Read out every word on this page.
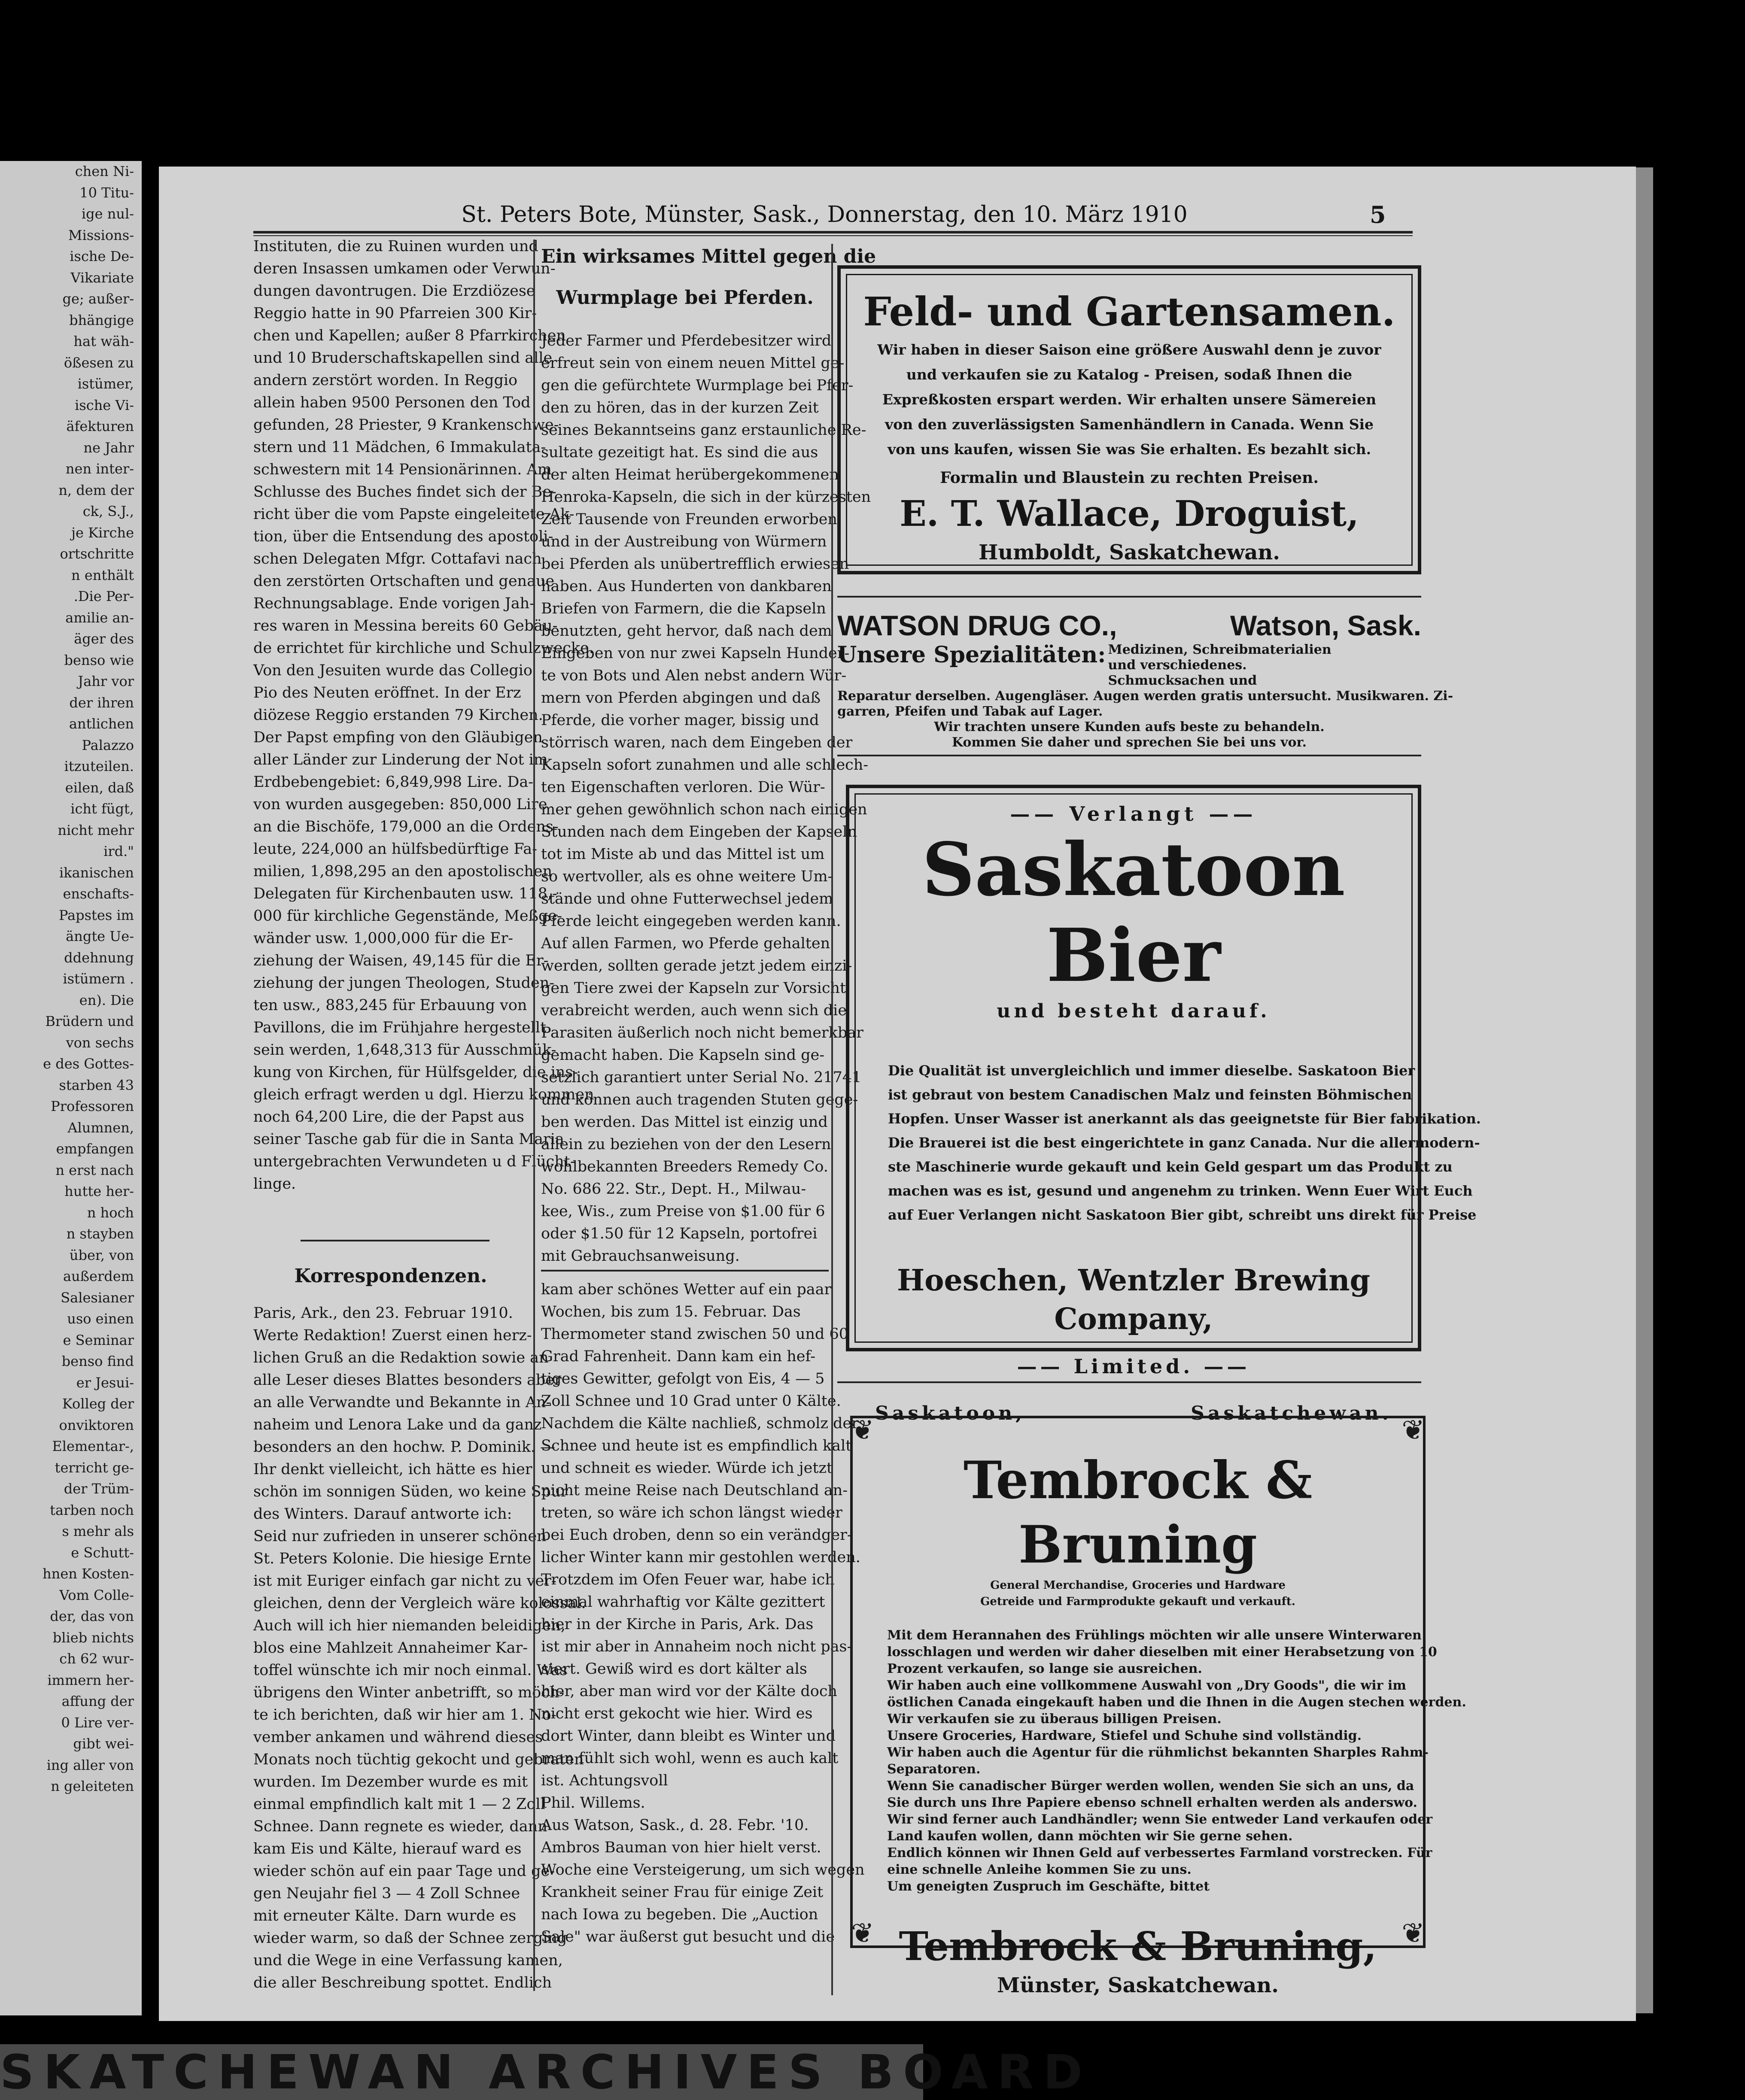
chen Ni-
10 Titu-
ige nul-
Missions-
ische De-
Vikariate
ge; außer-
bhängige
hat wäh-
ößesen zu
istümer,
ische Vi-
äfekturen
ne Jahr
nen inter-
n, dem der
ck, S.J.,
je Kirche
ortschritte
n enthält
.Die Per-
amilie an-
äger des
benso wie
Jahr vor
der ihren
antlichen
Palazzo
itzuteilen.
eilen, daß
icht fügt,
nicht mehr
ird."
ikanischen
enschafts-
Papstes im
ängte Ue-
ddehnung
istümern .
en). Die
Brüdern und
von sechs
e des Gottes-
starben 43
Professoren
Alumnen,
empfangen
n erst nach
hutte her-
n hoch
n stayben
über, von
außerdem
Salesianer
uso einen
e Seminar
benso find
er Jesui-
Kolleg der
onviktoren
Elementar-,
terricht ge-
der Trüm-
tarben noch
s mehr als
e Schutt-
hnen Kosten-
Vom Colle-
der, das von
blieb nichts
ch 62 wur-
immern her-
affung der
0 Lire ver-
gibt wei-
ing aller von
n geleiteten
St. Peters Bote, Münster, Sask., Donnerstag, den 10. März 1910	5

Instituten, die zu Ruinen wurden und

deren Insassen umkamen oder Verwun-

dungen davontrugen. Die Erzdiözese

Reggio hatte in 90 Pfarreien 300 Kir-

chen und Kapellen; außer 8 Pfarrkirchen

und 10 Bruderschaftskapellen sind alle

andern zerstört worden. In Reggio

allein haben 9500 Personen den Tod

gefunden, 28 Priester, 9 Krankenschwe-

stern und 11 Mädchen, 6 Immakulata-

schwestern mit 14 Pensionärinnen. Am

Schlusse des Buches findet sich der Be-

richt über die vom Papste eingeleitete Ak-

tion, über die Entsendung des apostoli-

schen Delegaten Mfgr. Cottafavi nach

den zerstörten Ortschaften und genaue

Rechnungsablage. Ende vorigen Jah-

res waren in Messina bereits 60 Gebäu-

de errichtet für kirchliche und Schulzwecke.

Von den Jesuiten wurde das Collegio

Pio des Neuten eröffnet. In der Erz

diözese Reggio erstanden 79 Kirchen.

Der Papst empfing von den Gläubigen

aller Länder zur Linderung der Not im

Erdbebengebiet: 6,849,998 Lire. Da-

von wurden ausgegeben: 850,000 Lire

an die Bischöfe, 179,000 an die Ordens-

leute, 224,000 an hülfsbedürftige Fa-

milien, 1,898,295 an den apostolischen

Delegaten für Kirchenbauten usw. 118,-

000 für kirchliche Gegenstände, Meßge-

wänder usw. 1,000,000 für die Er-

ziehung der Waisen, 49,145 für die Er-

ziehung der jungen Theologen, Studen-

ten usw., 883,245 für Erbauung von

Pavillons, die im Frühjahre hergestellt

sein werden, 1,648,313 für Ausschmük-

kung von Kirchen, für Hülfsgelder, die ins-

gleich erfragt werden u dgl. Hierzu kommen

noch 64,200 Lire, die der Papst aus

seiner Tasche gab für die in Santa Maria

untergebrachten Verwundeten u d Flücht-

linge.

Korrespondenzen.

Paris, Ark., den 23. Februar 1910.

Werte Redaktion! Zuerst einen herz-

lichen Gruß an die Redaktion sowie an

alle Leser dieses Blattes besonders aber

an alle Verwandte und Bekannte in An-

naheim und Lenora Lake und da ganz

besonders an den hochw. P. Dominik. —

Ihr denkt vielleicht, ich hätte es hier

schön im sonnigen Süden, wo keine Spur

des Winters. Darauf antworte ich:

Seid nur zufrieden in unserer schönen

St. Peters Kolonie. Die hiesige Ernte

ist mit Euriger einfach gar nicht zu ver-

gleichen, denn der Vergleich wäre kolossal.

Auch will ich hier niemanden beleidigen,

blos eine Mahlzeit Annaheimer Kar-

toffel wünschte ich mir noch einmal. Was

übrigens den Winter anbetrifft, so möch-

te ich berichten, daß wir hier am 1. No-

vember ankamen und während dieses

Monats noch tüchtig gekocht und gebraten

wurden. Im Dezember wurde es mit

einmal empfindlich kalt mit 1 — 2 Zoll

Schnee. Dann regnete es wieder, dann

kam Eis und Kälte, hierauf ward es

wieder schön auf ein paar Tage und ge-

gen Neujahr fiel 3 — 4 Zoll Schnee

mit erneuter Kälte. Darn wurde es

wieder warm, so daß der Schnee zerging

und die Wege in eine Verfassung kamen,

die aller Beschreibung spottet. Endlich

Ein wirksames Mittel gegen die
Wurmplage bei Pferden.

Jeder Farmer und Pferdebesitzer wird

erfreut sein von einem neuen Mittel ge-

gen die gefürchtete Wurmplage bei Pfer-

den zu hören, das in der kurzen Zeit

seines Bekanntseins ganz erstaunliche Re-

sultate gezeitigt hat. Es sind die aus

der alten Heimat herübergekommenen

Henroka-Kapseln, die sich in der kürzesten

Zeit Tausende von Freunden erworben

und in der Austreibung von Würmern

bei Pferden als unübertrefflich erwiesen

haben. Aus Hunderten von dankbaren

Briefen von Farmern, die die Kapseln

benutzten, geht hervor, daß nach dem

Eingeben von nur zwei Kapseln Hunder-

te von Bots und Alen nebst andern Wür-

mern von Pferden abgingen und daß

Pferde, die vorher mager, bissig und

störrisch waren, nach dem Eingeben der

Kapseln sofort zunahmen und alle schlech-

ten Eigenschaften verloren. Die Wür-

mer gehen gewöhnlich schon nach einigen

Stunden nach dem Eingeben der Kapseln

tot im Miste ab und das Mittel ist um

so wertvoller, als es ohne weitere Um-

stände und ohne Futterwechsel jedem

Pferde leicht eingegeben werden kann.

Auf allen Farmen, wo Pferde gehalten

werden, sollten gerade jetzt jedem einzi-

gen Tiere zwei der Kapseln zur Vorsicht

verabreicht werden, auch wenn sich die

Parasiten äußerlich noch nicht bemerkbar

gemacht haben. Die Kapseln sind ge-

setzlich garantiert unter Serial No. 21741

und können auch tragenden Stuten gege-

ben werden. Das Mittel ist einzig und

allein zu beziehen von der den Lesern

wohlbekannten Breeders Remedy Co.

No. 686 22. Str., Dept. H., Milwau-

kee, Wis., zum Preise von $1.00 für 6

oder $1.50 für 12 Kapseln, portofrei

mit Gebrauchsanweisung.

kam aber schönes Wetter auf ein paar

Wochen, bis zum 15. Februar. Das

Thermometer stand zwischen 50 und 60

Grad Fahrenheit. Dann kam ein hef-

tiges Gewitter, gefolgt von Eis, 4 — 5

Zoll Schnee und 10 Grad unter 0 Kälte.

Nachdem die Kälte nachließ, schmolz der

Schnee und heute ist es empfindlich kalt

und schneit es wieder. Würde ich jetzt

nicht meine Reise nach Deutschland an-

treten, so wäre ich schon längst wieder

bei Euch droben, denn so ein verändger-

licher Winter kann mir gestohlen werden.

Trotzdem im Ofen Feuer war, habe ich

einmal wahrhaftig vor Kälte gezittert

hier in der Kirche in Paris, Ark. Das

ist mir aber in Annaheim noch nicht pas-

siert. Gewiß wird es dort kälter als

hier, aber man wird vor der Kälte doch

nicht erst gekocht wie hier. Wird es

dort Winter, dann bleibt es Winter und

man fühlt sich wohl, wenn es auch kalt

ist. Achtungsvoll

Phil. Willems.

Aus Watson, Sask., d. 28. Febr. '10.

Ambros Bauman von hier hielt verst.

Woche eine Versteigerung, um sich wegen

Krankheit seiner Frau für einige Zeit

nach Iowa zu begeben. Die „Auction

Sale" war äußerst gut besucht und die

Feld- und Gartensamen.
Wir haben in dieser Saison eine größere Auswahl denn je zuvor
und verkaufen sie zu Katalog - Preisen, sodaß Ihnen die
Expreßkosten erspart werden. Wir erhalten unsere Sämereien
von den zuverlässigsten Samenhändlern in Canada. Wenn Sie
von uns kaufen, wissen Sie was Sie erhalten. Es bezahlt sich.
Formalin und Blaustein zu rechten Preisen.
E. T. Wallace, Droguist,
Humboldt, Saskatchewan.
WATSON DRUG CO.,	Watson, Sask.
Unsere Spezialitäten: Medizinen, Schreibmaterialien und verschiedenes. Schmucksachen und
Reparatur derselben. Augengläser. Augen werden gratis untersucht. Musikwaren. Zi-
garren, Pfeifen und Tabak auf Lager.
Wir trachten unsere Kunden aufs beste zu behandeln.
Kommen Sie daher und sprechen Sie bei uns vor.
—— Verlangt ——
Saskatoon Bier
und besteht darauf.
Die Qualität ist unvergleichlich und immer dieselbe. Saskatoon Bier
ist gebraut von bestem Canadischen Malz und feinsten Böhmischen
Hopfen. Unser Wasser ist anerkannt als das geeignetste für Bier fabrikation.
Die Brauerei ist die best eingerichtete in ganz Canada. Nur die allermodern-
ste Maschinerie wurde gekauft und kein Geld gespart um das Produkt zu
machen was es ist, gesund und angenehm zu trinken. Wenn Euer Wirt Euch
auf Euer Verlangen nicht Saskatoon Bier gibt, schreibt uns direkt für Preise
Hoeschen, Wentzler Brewing Company,
—— Limited. ——
Saskatoon,	Saskatchewan.
❦	❦
❦	❦
Tembrock & Bruning
General Merchandise, Groceries und Hardware
Getreide und Farmprodukte gekauft und verkauft.
Mit dem Herannahen des Frühlings möchten wir alle unsere Winterwaren
losschlagen und werden wir daher dieselben mit einer Herabsetzung von 10
Prozent verkaufen, so lange sie ausreichen.
Wir haben auch eine vollkommene Auswahl von „Dry Goods", die wir im
östlichen Canada eingekauft haben und die Ihnen in die Augen stechen werden.
Wir verkaufen sie zu überaus billigen Preisen.
Unsere Groceries, Hardware, Stiefel und Schuhe sind vollständig.
Wir haben auch die Agentur für die rühmlichst bekannten Sharples Rahm-
Separatoren.
Wenn Sie canadischer Bürger werden wollen, wenden Sie sich an uns, da
Sie durch uns Ihre Papiere ebenso schnell erhalten werden als anderswo.
Wir sind ferner auch Landhändler; wenn Sie entweder Land verkaufen oder
Land kaufen wollen, dann möchten wir Sie gerne sehen.
Endlich können wir Ihnen Geld auf verbessertes Farmland vorstrecken. Für
eine schnelle Anleihe kommen Sie zu uns.
Um geneigten Zuspruch im Geschäfte, bittet
Tembrock & Bruning,
Münster, Saskatchewan.
SKATCHEWAN ARCHIVES BOARD
